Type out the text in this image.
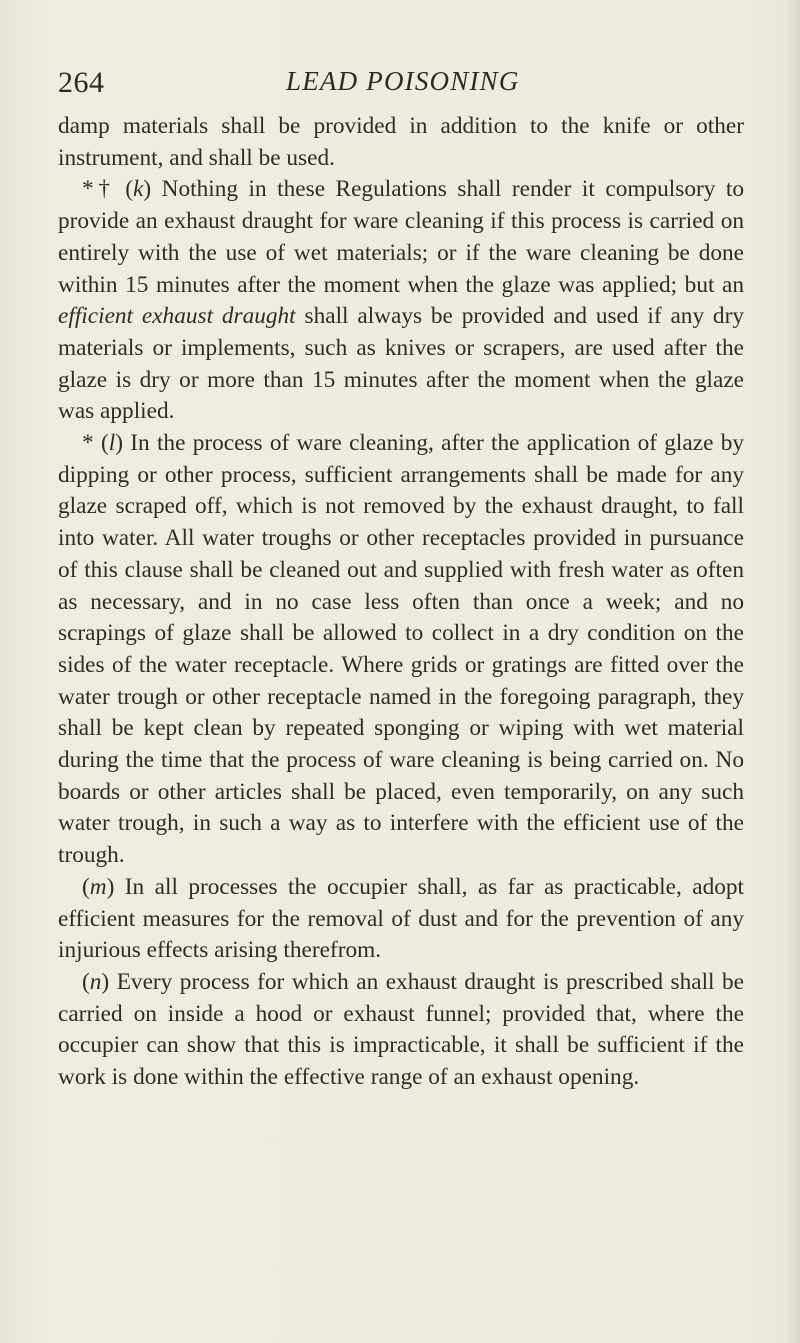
264	LEAD POISONING

damp materials shall be provided in addition to the knife or other instrument, and shall be used.

*† (k) Nothing in these Regulations shall render it compulsory to provide an exhaust draught for ware cleaning if this process is carried on entirely with the use of wet materials; or if the ware cleaning be done within 15 minutes after the moment when the glaze was applied; but an efficient exhaust draught shall always be provided and used if any dry materials or implements, such as knives or scrapers, are used after the glaze is dry or more than 15 minutes after the moment when the glaze was applied.

* (l) In the process of ware cleaning, after the application of glaze by dipping or other process, sufficient arrangements shall be made for any glaze scraped off, which is not removed by the exhaust draught, to fall into water. All water troughs or other receptacles provided in pursuance of this clause shall be cleaned out and supplied with fresh water as often as necessary, and in no case less often than once a week; and no scrapings of glaze shall be allowed to collect in a dry condition on the sides of the water receptacle. Where grids or gratings are fitted over the water trough or other receptacle named in the foregoing paragraph, they shall be kept clean by repeated sponging or wiping with wet material during the time that the process of ware cleaning is being carried on. No boards or other articles shall be placed, even temporarily, on any such water trough, in such a way as to interfere with the efficient use of the trough.

(m) In all processes the occupier shall, as far as practicable, adopt efficient measures for the removal of dust and for the prevention of any injurious effects arising therefrom.

(n) Every process for which an exhaust draught is prescribed shall be carried on inside a hood or exhaust funnel; provided that, where the occupier can show that this is impracticable, it shall be sufficient if the work is done within the effective range of an exhaust opening.
